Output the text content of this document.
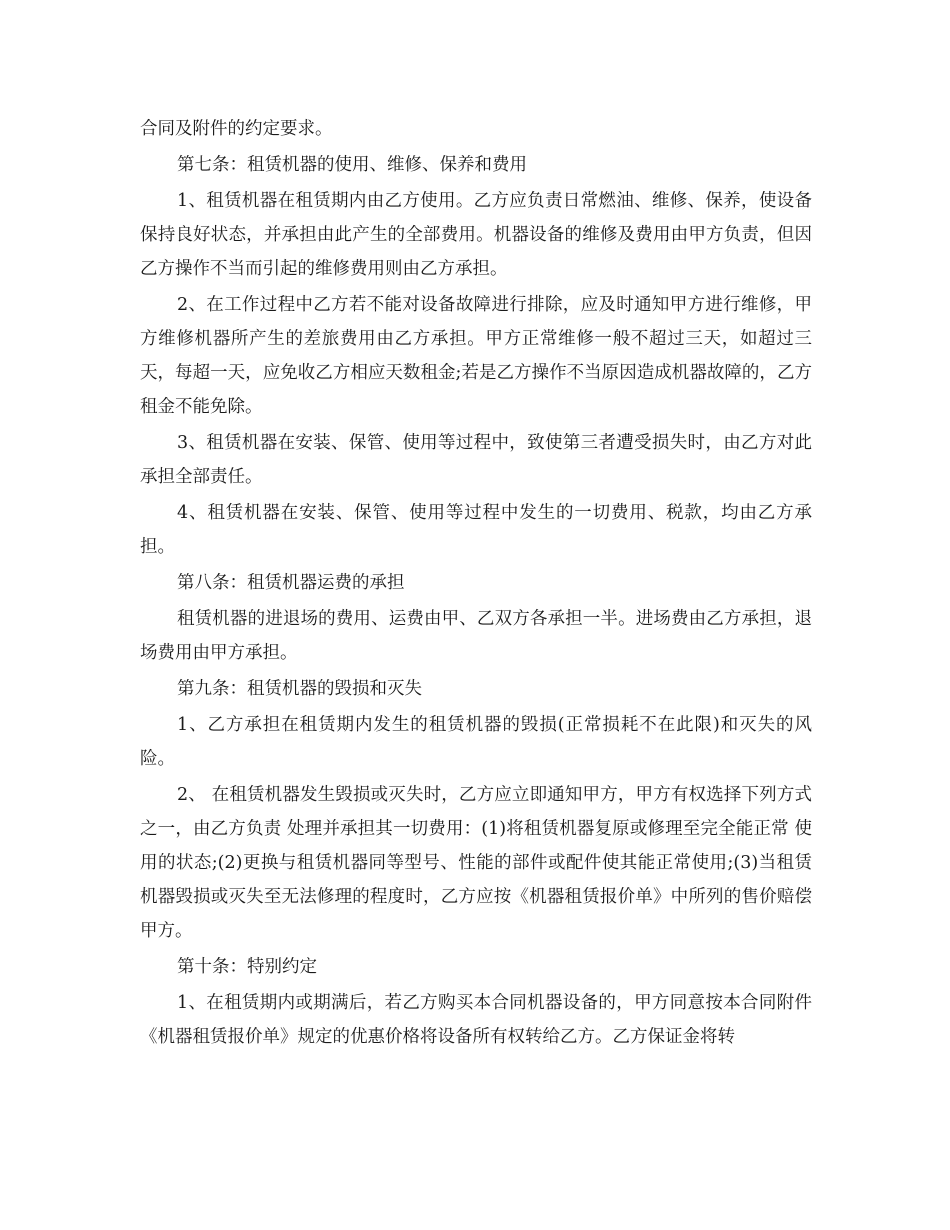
合同及附件的约定要求。

第七条：租赁机器的使用、维修、保养和费用

1、租赁机器在租赁期内由乙方使用。乙方应负责日常燃油、维修、保养，使设备保持良好状态，并承担由此产生的全部费用。机器设备的维修及费用由甲方负责，但因乙方操作不当而引起的维修费用则由乙方承担。

2、在工作过程中乙方若不能对设备故障进行排除，应及时通知甲方进行维修，甲方维修机器所产生的差旅费用由乙方承担。甲方正常维修一般不超过三天，如超过三天，每超一天，应免收乙方相应天数租金;若是乙方操作不当原因造成机器故障的，乙方租金不能免除。

3、租赁机器在安装、保管、使用等过程中，致使第三者遭受损失时，由乙方对此承担全部责任。

4、租赁机器在安装、保管、使用等过程中发生的一切费用、税款，均由乙方承担。

第八条：租赁机器运费的承担

租赁机器的进退场的费用、运费由甲、乙双方各承担一半。进场费由乙方承担，退场费用由甲方承担。

第九条：租赁机器的毁损和灭失

1、乙方承担在租赁期内发生的租赁机器的毁损(正常损耗不在此限)和灭失的风险。

2、 在租赁机器发生毁损或灭失时，乙方应立即通知甲方，甲方有权选择下列方式之一，由乙方负责 处理并承担其一切费用：(1)将租赁机器复原或修理至完全能正常 使用的状态;(2)更换与租赁机器同等型号、性能的部件或配件使其能正常使用;(3)当租赁机器毁损或灭失至无法修理的程度时，乙方应按《机器租赁报价单》中所列的售价赔偿甲方。

第十条：特别约定

1、在租赁期内或期满后，若乙方购买本合同机器设备的，甲方同意按本合同附件《机器租赁报价单》规定的优惠价格将设备所有权转给乙方。乙方保证金将转
